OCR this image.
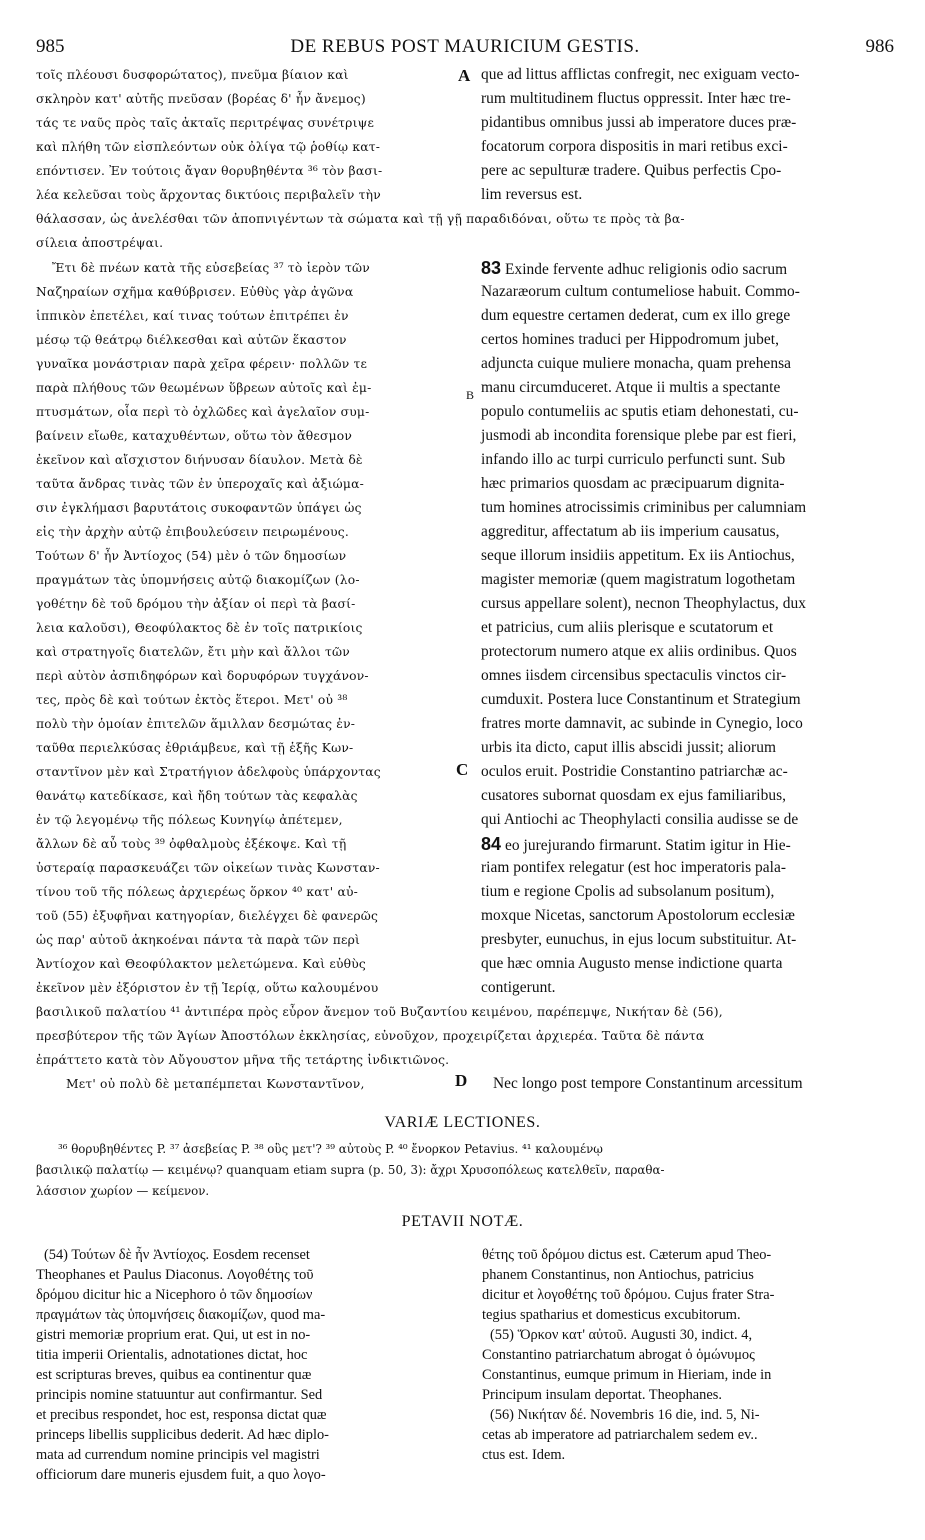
985	DE REBUS POST MAURICIUM GESTIS.	986
A
B
C
τοῖς πλέουσι δυσφορώτατος), πνεῦμα βίαιον καὶ
σκληρὸν κατ' αὐτῆς πνεῦσαν (βορέας δ' ἦν ἄνεμος)
τάς τε ναῦς πρὸς ταῖς ἀκταῖς περιτρέψας συνέτριψε
καὶ πλήθη τῶν εἰσπλεόντων οὐκ ὀλίγα τῷ ῥοθίῳ κατ-
επόντισεν. Ἐν τούτοις ἄγαν θορυβηθέντα ³⁶ τὸν βασι-
λέα κελεῦσαι τοὺς ἄρχοντας δικτύοις περιβαλεῖν τὴν
que ad littus afflictas confregit, nec exiguam vecto-
rum multitudinem fluctus oppressit. Inter hæc tre-
pidantibus omnibus jussi ab imperatore duces præ-
focatorum corpora dispositis in mari retibus exci-
pere ac sepulturæ tradere. Quibus perfectis Cpo-
lim reversus est.
θάλασσαν, ὡς ἀνελέσθαι τῶν ἀποπνιγέντων τὰ σώματα καὶ τῇ γῇ παραδιδόναι, οὕτω τε πρὸς τὰ βα-
σίλεια ἀποστρέψαι.
Ἔτι δὲ πνέων κατὰ τῆς εὐσεβείας ³⁷ τὸ ἱερὸν τῶν
Ναζηραίων σχῆμα καθύβρισεν. Εὐθὺς γὰρ ἀγῶνα
ἱππικὸν ἐπετέλει, καί τινας τούτων ἐπιτρέπει ἐν
μέσῳ τῷ θεάτρῳ διέλκεσθαι καὶ αὐτῶν ἕκαστον
γυναῖκα μονάστριαν παρὰ χεῖρα φέρειν· πολλῶν τε
παρὰ πλήθους τῶν θεωμένων ὕβρεων αὐτοῖς καὶ ἐμ-
πτυσμάτων, οἷα περὶ τὸ ὀχλῶδες καὶ ἀγελαῖον συμ-
βαίνειν εἴωθε, καταχυθέντων, οὕτω τὸν ἄθεσμον
ἐκεῖνον καὶ αἴσχιστον διήνυσαν δίαυλον. Μετὰ δὲ
ταῦτα ἄνδρας τινὰς τῶν ἐν ὑπεροχαῖς καὶ ἀξιώμα-
σιν ἐγκλήμασι βαρυτάτοις συκοφαντῶν ὑπάγει ὡς
εἰς τὴν ἀρχὴν αὐτῷ ἐπιβουλεύσειν πειρωμένους.
Τούτων δ' ἦν Ἀντίοχος (54) μὲν ὁ τῶν δημοσίων
πραγμάτων τὰς ὑπομνήσεις αὐτῷ διακομίζων (λο-
γοθέτην δὲ τοῦ δρόμου τὴν ἀξίαν οἱ περὶ τὰ βασί-
λεια καλοῦσι), Θεοφύλακτος δὲ ἐν τοῖς πατρικίοις
καὶ στρατηγοῖς διατελῶν, ἔτι μὴν καὶ ἄλλοι τῶν
περὶ αὐτὸν ἀσπιδηφόρων καὶ δορυφόρων τυγχάνον-
τες, πρὸς δὲ καὶ τούτων ἐκτὸς ἕτεροι. Μετ' οὐ ³⁸
πολὺ τὴν ὁμοίαν ἐπιτελῶν ἅμιλλαν δεσμώτας ἐν-
ταῦθα περιελκύσας ἐθριάμβευε, καὶ τῇ ἑξῆς Κων-
σταντῖνον μὲν καὶ Στρατήγιον ἀδελφοὺς ὑπάρχοντας
θανάτῳ κατεδίκασε, καὶ ἤδη τούτων τὰς κεφαλὰς
ἐν τῷ λεγομένῳ τῆς πόλεως Κυνηγίῳ ἀπέτεμεν,
ἄλλων δὲ αὖ τοὺς ³⁹ ὀφθαλμοὺς ἐξέκοψε. Καὶ τῇ
ὑστεραίᾳ παρασκευάζει τῶν οἰκείων τινὰς Κωνσταν-
τίνου τοῦ τῆς πόλεως ἀρχιερέως ὅρκον ⁴⁰ κατ' αὐ-
τοῦ (55) ἐξυφῆναι κατηγορίαν, διελέγχει δὲ φανερῶς
ὡς παρ' αὐτοῦ ἀκηκοέναι πάντα τὰ παρὰ τῶν περὶ
Ἀντίοχον καὶ Θεοφύλακτον μελετώμενα. Καὶ εὐθὺς
ἐκεῖνον μὲν ἐξόριστον ἐν τῇ Ἱερίᾳ, οὕτω καλουμένου
83 Exinde fervente adhuc religionis odio sacrum
Nazaræorum cultum contumeliose habuit. Commo-
dum equestre certamen dederat, cum ex illo grege
certos homines traduci per Hippodromum jubet,
adjuncta cuique muliere monacha, quam prehensa
manu circumduceret. Atque ii multis a spectante
populo contumeliis ac sputis etiam dehonestati, cu-
jusmodi ab incondita forensique plebe par est fieri,
infando illo ac turpi curriculo perfuncti sunt. Sub
hæc primarios quosdam ac præcipuarum dignita-
tum homines atrocissimis criminibus per calumniam
aggreditur, affectatum ab iis imperium causatus,
seque illorum insidiis appetitum. Ex iis Antiochus,
magister memoriæ (quem magistratum logothetam
cursus appellare solent), necnon Theophylactus, dux
et patricius, cum aliis plerisque e scutatorum et
protectorum numero atque ex aliis ordinibus. Quos
omnes iisdem circensibus spectaculis vinctos cir-
cumduxit. Postera luce Constantinum et Strategium
fratres morte damnavit, ac subinde in Cynegio, loco
urbis ita dicto, caput illis abscidi jussit; aliorum
oculos eruit. Postridie Constantino patriarchæ ac-
cusatores subornat quosdam ex ejus familiaribus,
qui Antiochi ac Theophylacti consilia audisse se de
84 eo jurejurando firmarunt. Statim igitur in Hie-
riam pontifex relegatur (est hoc imperatoris pala-
tium e regione Cpolis ad subsolanum positum),
moxque Nicetas, sanctorum Apostolorum ecclesiæ
presbyter, eunuchus, in ejus locum substituitur. At-
que hæc omnia Augusto mense indictione quarta
contigerunt.
βασιλικοῦ παλατίου ⁴¹ ἀντιπέρα πρὸς εὖρον ἄνεμον τοῦ Βυζαντίου κειμένου, παρέπεμψε, Νικήταν δὲ (56),
πρεσβύτερον τῆς τῶν Ἁγίων Ἀποστόλων ἐκκλησίας, εὐνοῦχον, προχειρίζεται ἀρχιερέα. Ταῦτα δὲ πάντα
ἐπράττετο κατὰ τὸν Αὔγουστον μῆνα τῆς τετάρτης ἰνδικτιῶνος.
Μετ' οὐ πολὺ δὲ μεταπέμπεται Κωνσταντῖνον,	D Nec longo post tempore Constantinum arcessitum
VARIÆ LECTIONES.
³⁶ θορυβηθέντες P. ³⁷ ἀσεβείας P. ³⁸ οὓς μετ'? ³⁹ αὐτοὺς P. ⁴⁰ ἔνορκον Petavius. ⁴¹ καλουμένῳ
βασιλικῷ παλατίῳ — κειμένῳ? quanquam etiam supra (p. 50, 3): ἄχρι Χρυσοπόλεως κατελθεῖν, παραθα-
λάσσιον χωρίον — κείμενον.
PETAVII NOTÆ.
(54) Τούτων δὲ ἦν Ἀντίοχος. Eosdem recenset
Theophanes et Paulus Diaconus. Λογοθέτης τοῦ
δρόμου dicitur hic a Nicephoro ὁ τῶν δημοσίων
πραγμάτων τὰς ὑπομνήσεις διακομίζων, quod ma-
gistri memoriæ proprium erat. Qui, ut est in no-
titia imperii Orientalis, adnotationes dictat, hoc
est scripturas breves, quibus ea continentur quæ
principis nomine statuuntur aut confirmantur. Sed
et precibus respondet, hoc est, responsa dictat quæ
princeps libellis supplicibus dederit. Ad hæc diplo-
mata ad currendum nomine principis vel magistri
officiorum dare muneris ejusdem fuit, a quo λογο-
θέτης τοῦ δρόμου dictus est. Cæterum apud Theo-
phanem Constantinus, non Antiochus, patricius
dicitur et λογοθέτης τοῦ δρόμου. Cujus frater Stra-
tegius spatharius et domesticus excubitorum.
(55) Ὅρκον κατ' αὐτοῦ. Augusti 30, indict. 4,
Constantino patriarchatum abrogat ὁ ὁμώνυμος
Constantinus, eumque primum in Hieriam, inde in
Principum insulam deportat. Theophanes.
(56) Νικήταν δέ. Novembris 16 die, ind. 5, Ni-
cetas ab imperatore ad patriarchalem sedem ev..
ctus est. Idem.
